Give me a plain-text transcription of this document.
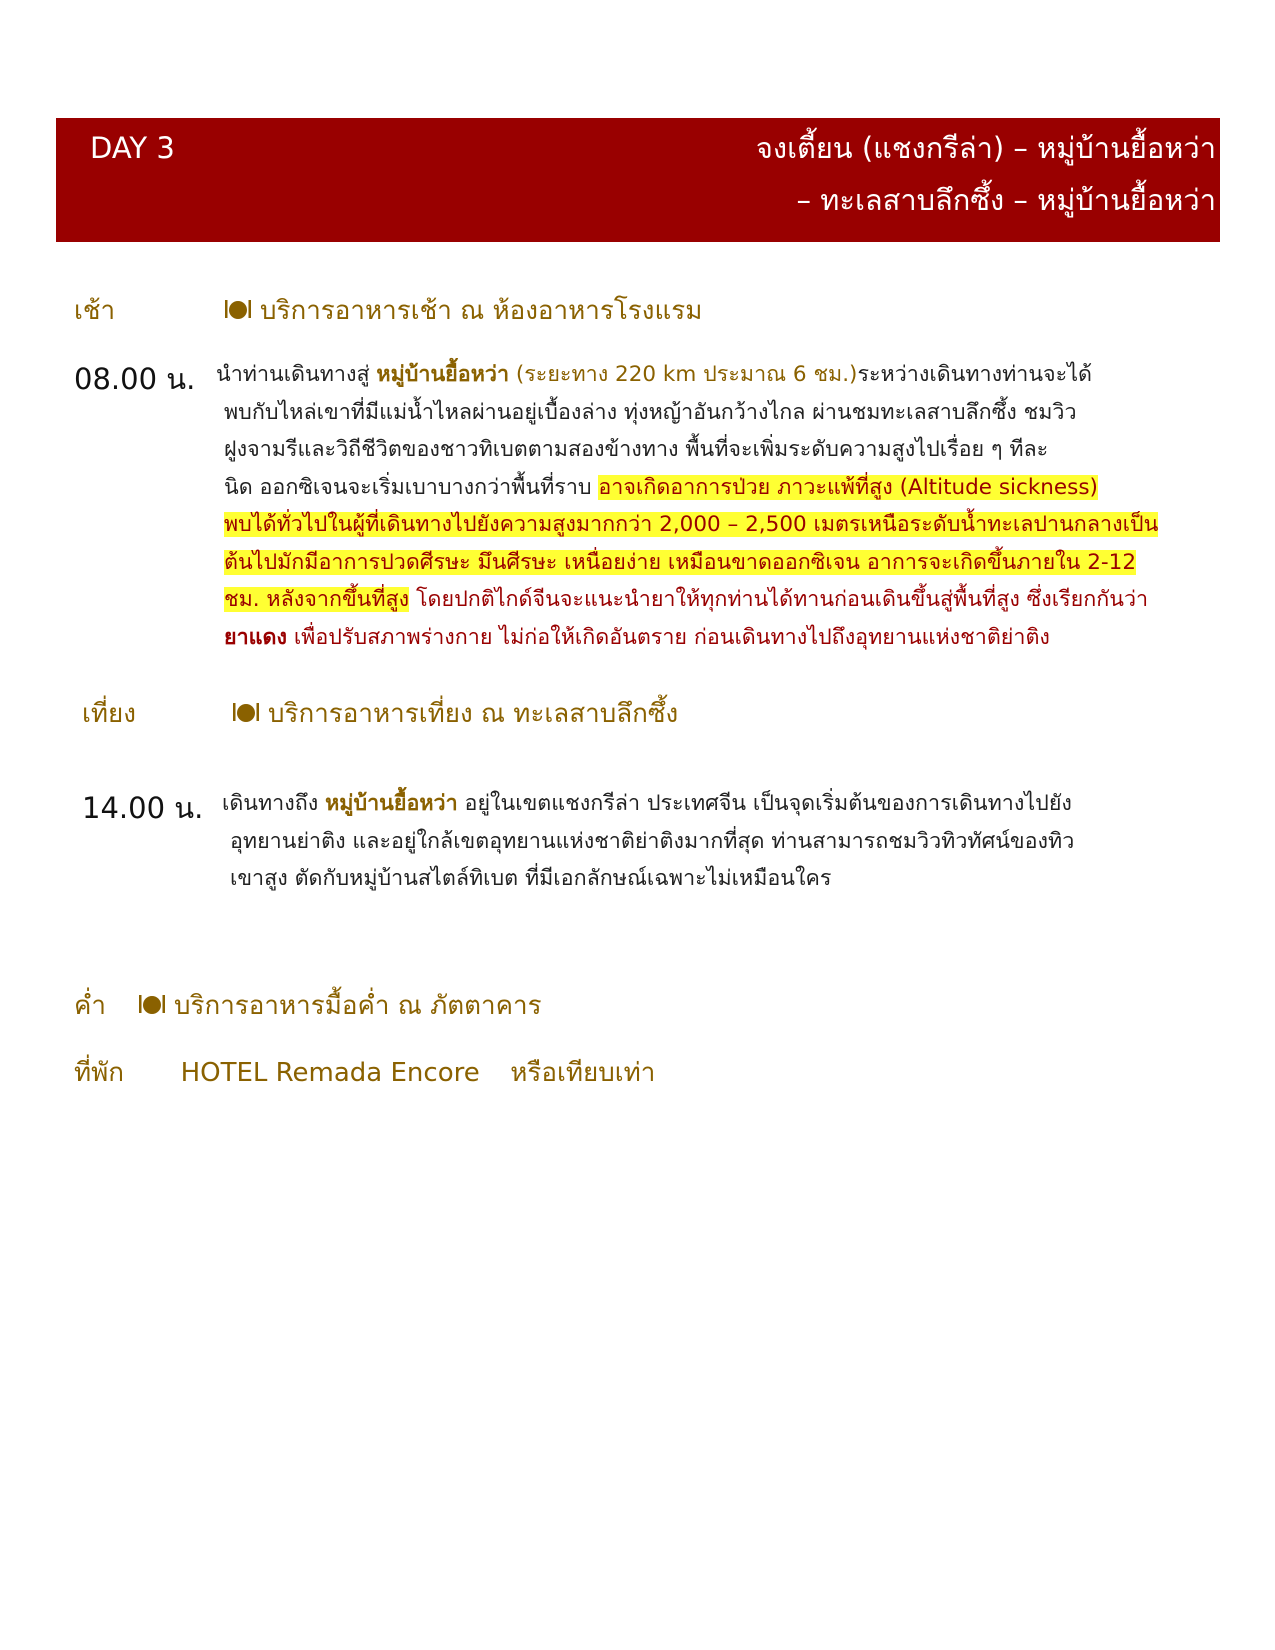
DAY 3	จงเตี้ยน (แชงกรีล่า) – หมู่บ้านยื้อหว่า
– ทะเลสาบลึกซึ้ง – หมู่บ้านยื้อหว่า
เช้า	บริการอาหารเช้า ณ ห้องอาหารโรงแรม
08.00 น. นำท่านเดินทางสู่ หมู่บ้านยื้อหว่า (ระยะทาง 220 km ประมาณ 6 ชม.)ระหว่างเดินทางท่านจะได้
พบกับไหล่เขาที่มีแม่น้ำไหลผ่านอยู่เบื้องล่าง ทุ่งหญ้าอันกว้างไกล ผ่านชมทะเลสาบลึกซึ้ง ชมวิว
ฝูงจามรีและวิถีชีวิตของชาวทิเบตตามสองข้างทาง พื้นที่จะเพิ่มระดับความสูงไปเรื่อย ๆ ทีละ
นิด ออกซิเจนจะเริ่มเบาบางกว่าพื้นที่ราบ อาจเกิดอาการป่วย ภาวะแพ้ที่สูง (Altitude sickness)
พบได้ทั่วไปในผู้ที่เดินทางไปยังความสูงมากกว่า 2,000 – 2,500 เมตรเหนือระดับน้ำทะเลปานกลางเป็น
ต้นไปมักมีอาการปวดศีรษะ มึนศีรษะ เหนื่อยง่าย เหมือนขาดออกซิเจน อาการจะเกิดขึ้นภายใน 2-12
ชม. หลังจากขึ้นที่สูง โดยปกติไกด์จีนจะแนะนำยาให้ทุกท่านได้ทานก่อนเดินขึ้นสู่พื้นที่สูง ซึ่งเรียกกันว่า
ยาแดง เพื่อปรับสภาพร่างกาย ไม่ก่อให้เกิดอันตราย ก่อนเดินทางไปถึงอุทยานแห่งชาติย่าติง
เที่ยง	บริการอาหารเที่ยง ณ ทะเลสาบลึกซึ้ง
14.00 น. เดินทางถึง หมู่บ้านยื้อหว่า อยู่ในเขตแชงกรีล่า ประเทศจีน เป็นจุดเริ่มต้นของการเดินทางไปยัง
อุทยานย่าติง และอยู่ใกล้เขตอุทยานแห่งชาติย่าติงมากที่สุด ท่านสามารถชมวิวทิวทัศน์ของทิว
เขาสูง ตัดกับหมู่บ้านสไตล์ทิเบต ที่มีเอกลักษณ์เฉพาะไม่เหมือนใคร
ค่ำ	บริการอาหารมื้อค่ำ ณ ภัตตาคาร
ที่พัก HOTEL Remada Encore หรือเทียบเท่า
